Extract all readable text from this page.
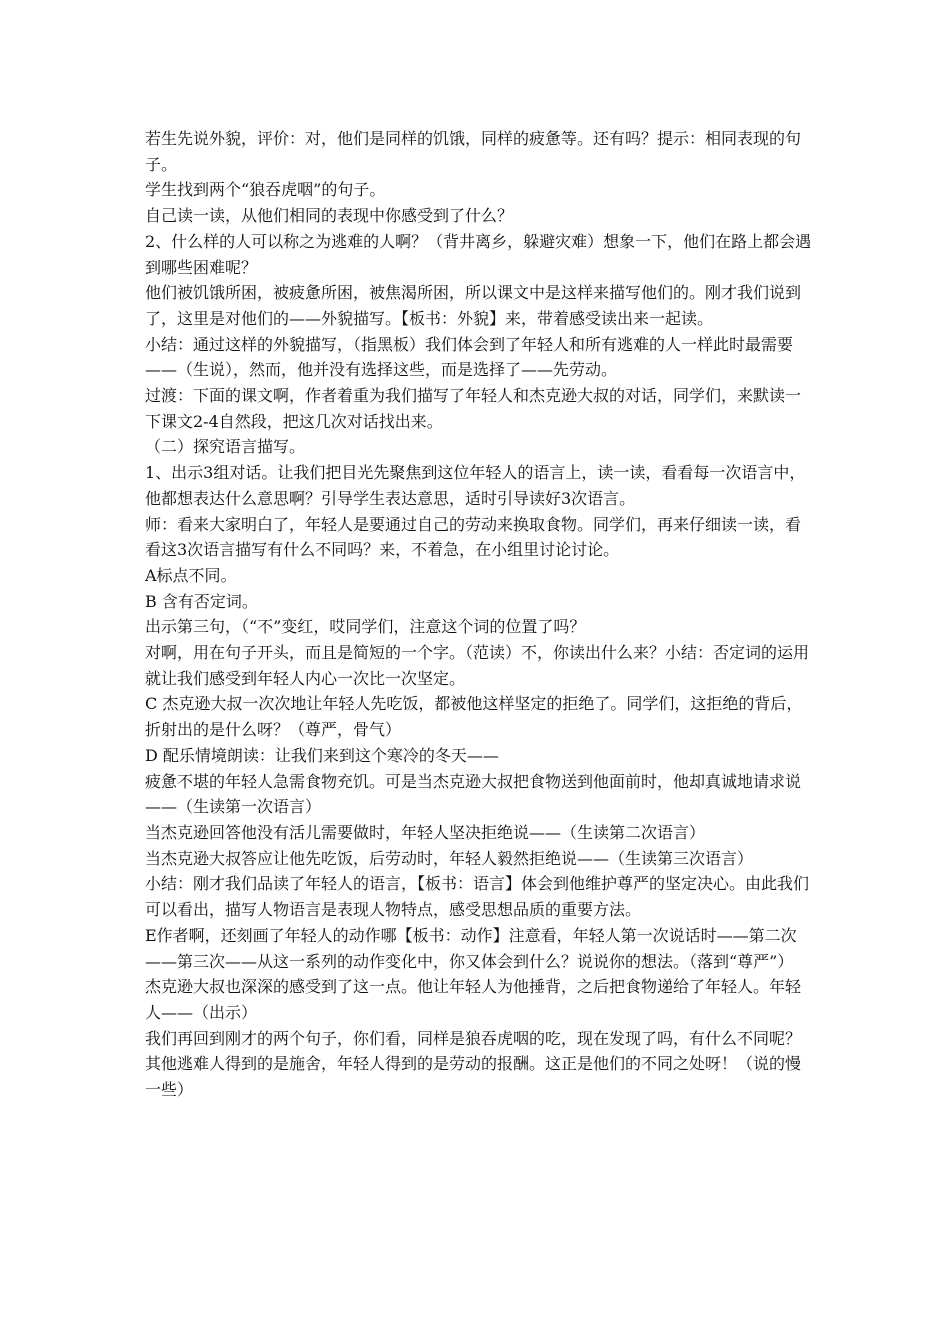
若生先说外貌，评价：对，他们是同样的饥饿，同样的疲惫等。还有吗？提示：相同表现的句子。

学生找到两个“狼吞虎咽”的句子。

自己读一读，从他们相同的表现中你感受到了什么？

2、什么样的人可以称之为逃难的人啊？（背井离乡，躲避灾难）想象一下，他们在路上都会遇到哪些困难呢？

他们被饥饿所困，被疲惫所困，被焦渴所困，所以课文中是这样来描写他们的。刚才我们说到了，这里是对他们的——外貌描写。【板书：外貌】来，带着感受读出来一起读。

小结：通过这样的外貌描写，（指黑板）我们体会到了年轻人和所有逃难的人一样此时最需要——（生说），然而，他并没有选择这些，而是选择了——先劳动。

过渡：下面的课文啊，作者着重为我们描写了年轻人和杰克逊大叔的对话，同学们，来默读一下课文2-4自然段，把这几次对话找出来。

（二）探究语言描写。

1、出示3组对话。让我们把目光先聚焦到这位年轻人的语言上，读一读，看看每一次语言中，他都想表达什么意思啊？引导学生表达意思，适时引导读好3次语言。

师：看来大家明白了，年轻人是要通过自己的劳动来换取食物。同学们，再来仔细读一读，看看这3次语言描写有什么不同吗？来，不着急，在小组里讨论讨论。

A标点不同。

B 含有否定词。

出示第三句，（“不”变红，哎同学们，注意这个词的位置了吗？

对啊，用在句子开头，而且是简短的一个字。（范读）不，你读出什么来？小结：否定词的运用就让我们感受到年轻人内心一次比一次坚定。

C 杰克逊大叔一次次地让年轻人先吃饭，都被他这样坚定的拒绝了。同学们，这拒绝的背后，折射出的是什么呀？（尊严，骨气）

D 配乐情境朗读：让我们来到这个寒冷的冬天——

疲惫不堪的年轻人急需食物充饥。可是当杰克逊大叔把食物送到他面前时，他却真诚地请求说——（生读第一次语言）

当杰克逊回答他没有活儿需要做时，年轻人坚决拒绝说——（生读第二次语言）

当杰克逊大叔答应让他先吃饭，后劳动时，年轻人毅然拒绝说——（生读第三次语言）

小结：刚才我们品读了年轻人的语言，【板书：语言】体会到他维护尊严的坚定决心。由此我们可以看出，描写人物语言是表现人物特点，感受思想品质的重要方法。

E作者啊，还刻画了年轻人的动作哪【板书：动作】注意看，年轻人第一次说话时——第二次——第三次——从这一系列的动作变化中，你又体会到什么？说说你的想法。（落到“尊严”）

杰克逊大叔也深深的感受到了这一点。他让年轻人为他捶背，之后把食物递给了年轻人。年轻人——（出示）

我们再回到刚才的两个句子，你们看，同样是狼吞虎咽的吃，现在发现了吗，有什么不同呢？

其他逃难人得到的是施舍，年轻人得到的是劳动的报酬。这正是他们的不同之处呀！（说的慢一些）
